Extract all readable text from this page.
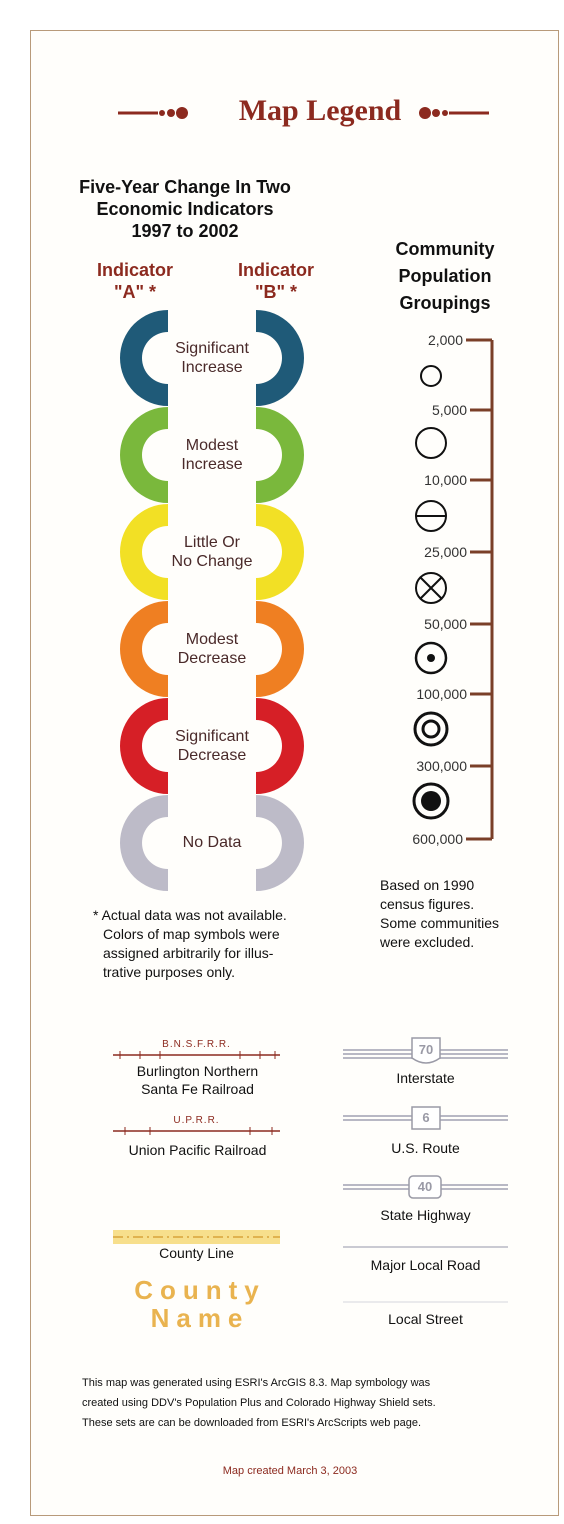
Map Legend
Five-Year Change In Two
Economic Indicators
1997 to 2002
Indicator
"A" *
Indicator
"B" *
Significant
Increase
Modest
Increase
Little Or
No Change
Modest
Decrease
Significant
Decrease
No Data
* Actual data was not available.
Colors of map symbols were
assigned arbitrarily for illus-
trative purposes only.
Community
Population
Groupings
2,000
5,000
10,000
25,000
50,000
100,000
300,000
600,000
Based on 1990
census figures.
Some communities
were excluded.
B.N.S.F.R.R.
Burlington Northern
Santa Fe Railroad
U.P.R.R.
Union Pacific Railroad
County Line
County
Name
70
Interstate
6
U.S. Route
40
State Highway
Major Local Road
Local Street
This map was generated using ESRI's ArcGIS 8.3. Map symbology was
created using DDV's Population Plus and Colorado Highway Shield sets.
These sets are can be downloaded from ESRI's ArcScripts web page.
Map created March 3, 2003
